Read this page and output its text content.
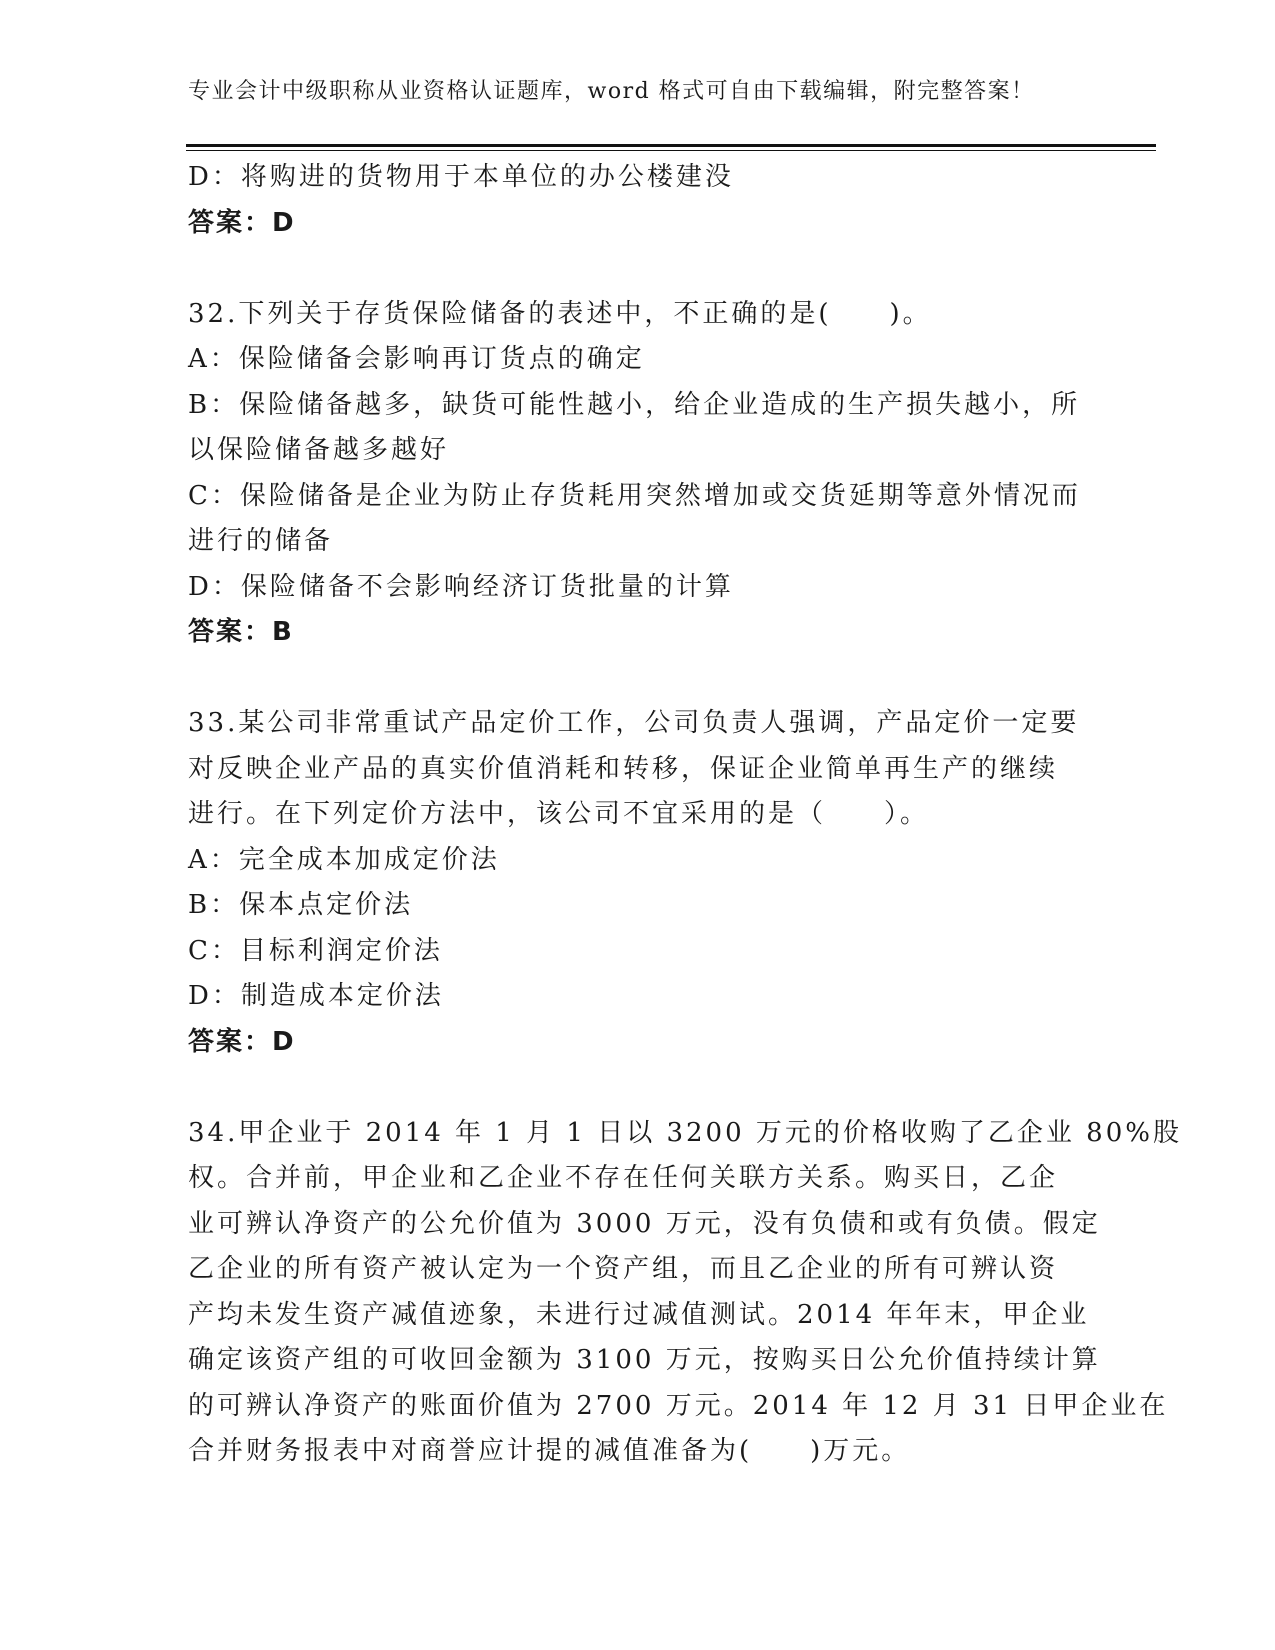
专业会计中级职称从业资格认证题库，word 格式可自由下载编辑，附完整答案！
D：将购进的货物用于本单位的办公楼建没
答案：D
32.下列关于存货保险储备的表述中，不正确的是(　　)。
A：保险储备会影响再订货点的确定
B：保险储备越多，缺货可能性越小，给企业造成的生产损失越小，所
以保险储备越多越好
C：保险储备是企业为防止存货耗用突然增加或交货延期等意外情况而
进行的储备
D：保险储备不会影响经济订货批量的计算
答案：B
33.某公司非常重试产品定价工作，公司负责人强调，产品定价一定要
对反映企业产品的真实价值消耗和转移，保证企业简单再生产的继续
进行。在下列定价方法中，该公司不宜采用的是（　　）。
A：完全成本加成定价法
B：保本点定价法
C：目标利润定价法
D：制造成本定价法
答案：D
34.甲企业于 2014 年 1 月 1 日以 3200 万元的价格收购了乙企业 80%股
权。合并前，甲企业和乙企业不存在任何关联方关系。购买日，乙企
业可辨认净资产的公允价值为 3000 万元，没有负债和或有负债。假定
乙企业的所有资产被认定为一个资产组，而且乙企业的所有可辨认资
产均未发生资产减值迹象，未进行过减值测试。2014 年年末，甲企业
确定该资产组的可收回金额为 3100 万元，按购买日公允价值持续计算
的可辨认净资产的账面价值为 2700 万元。2014 年 12 月 31 日甲企业在
合并财务报表中对商誉应计提的减值准备为(　　)万元。
